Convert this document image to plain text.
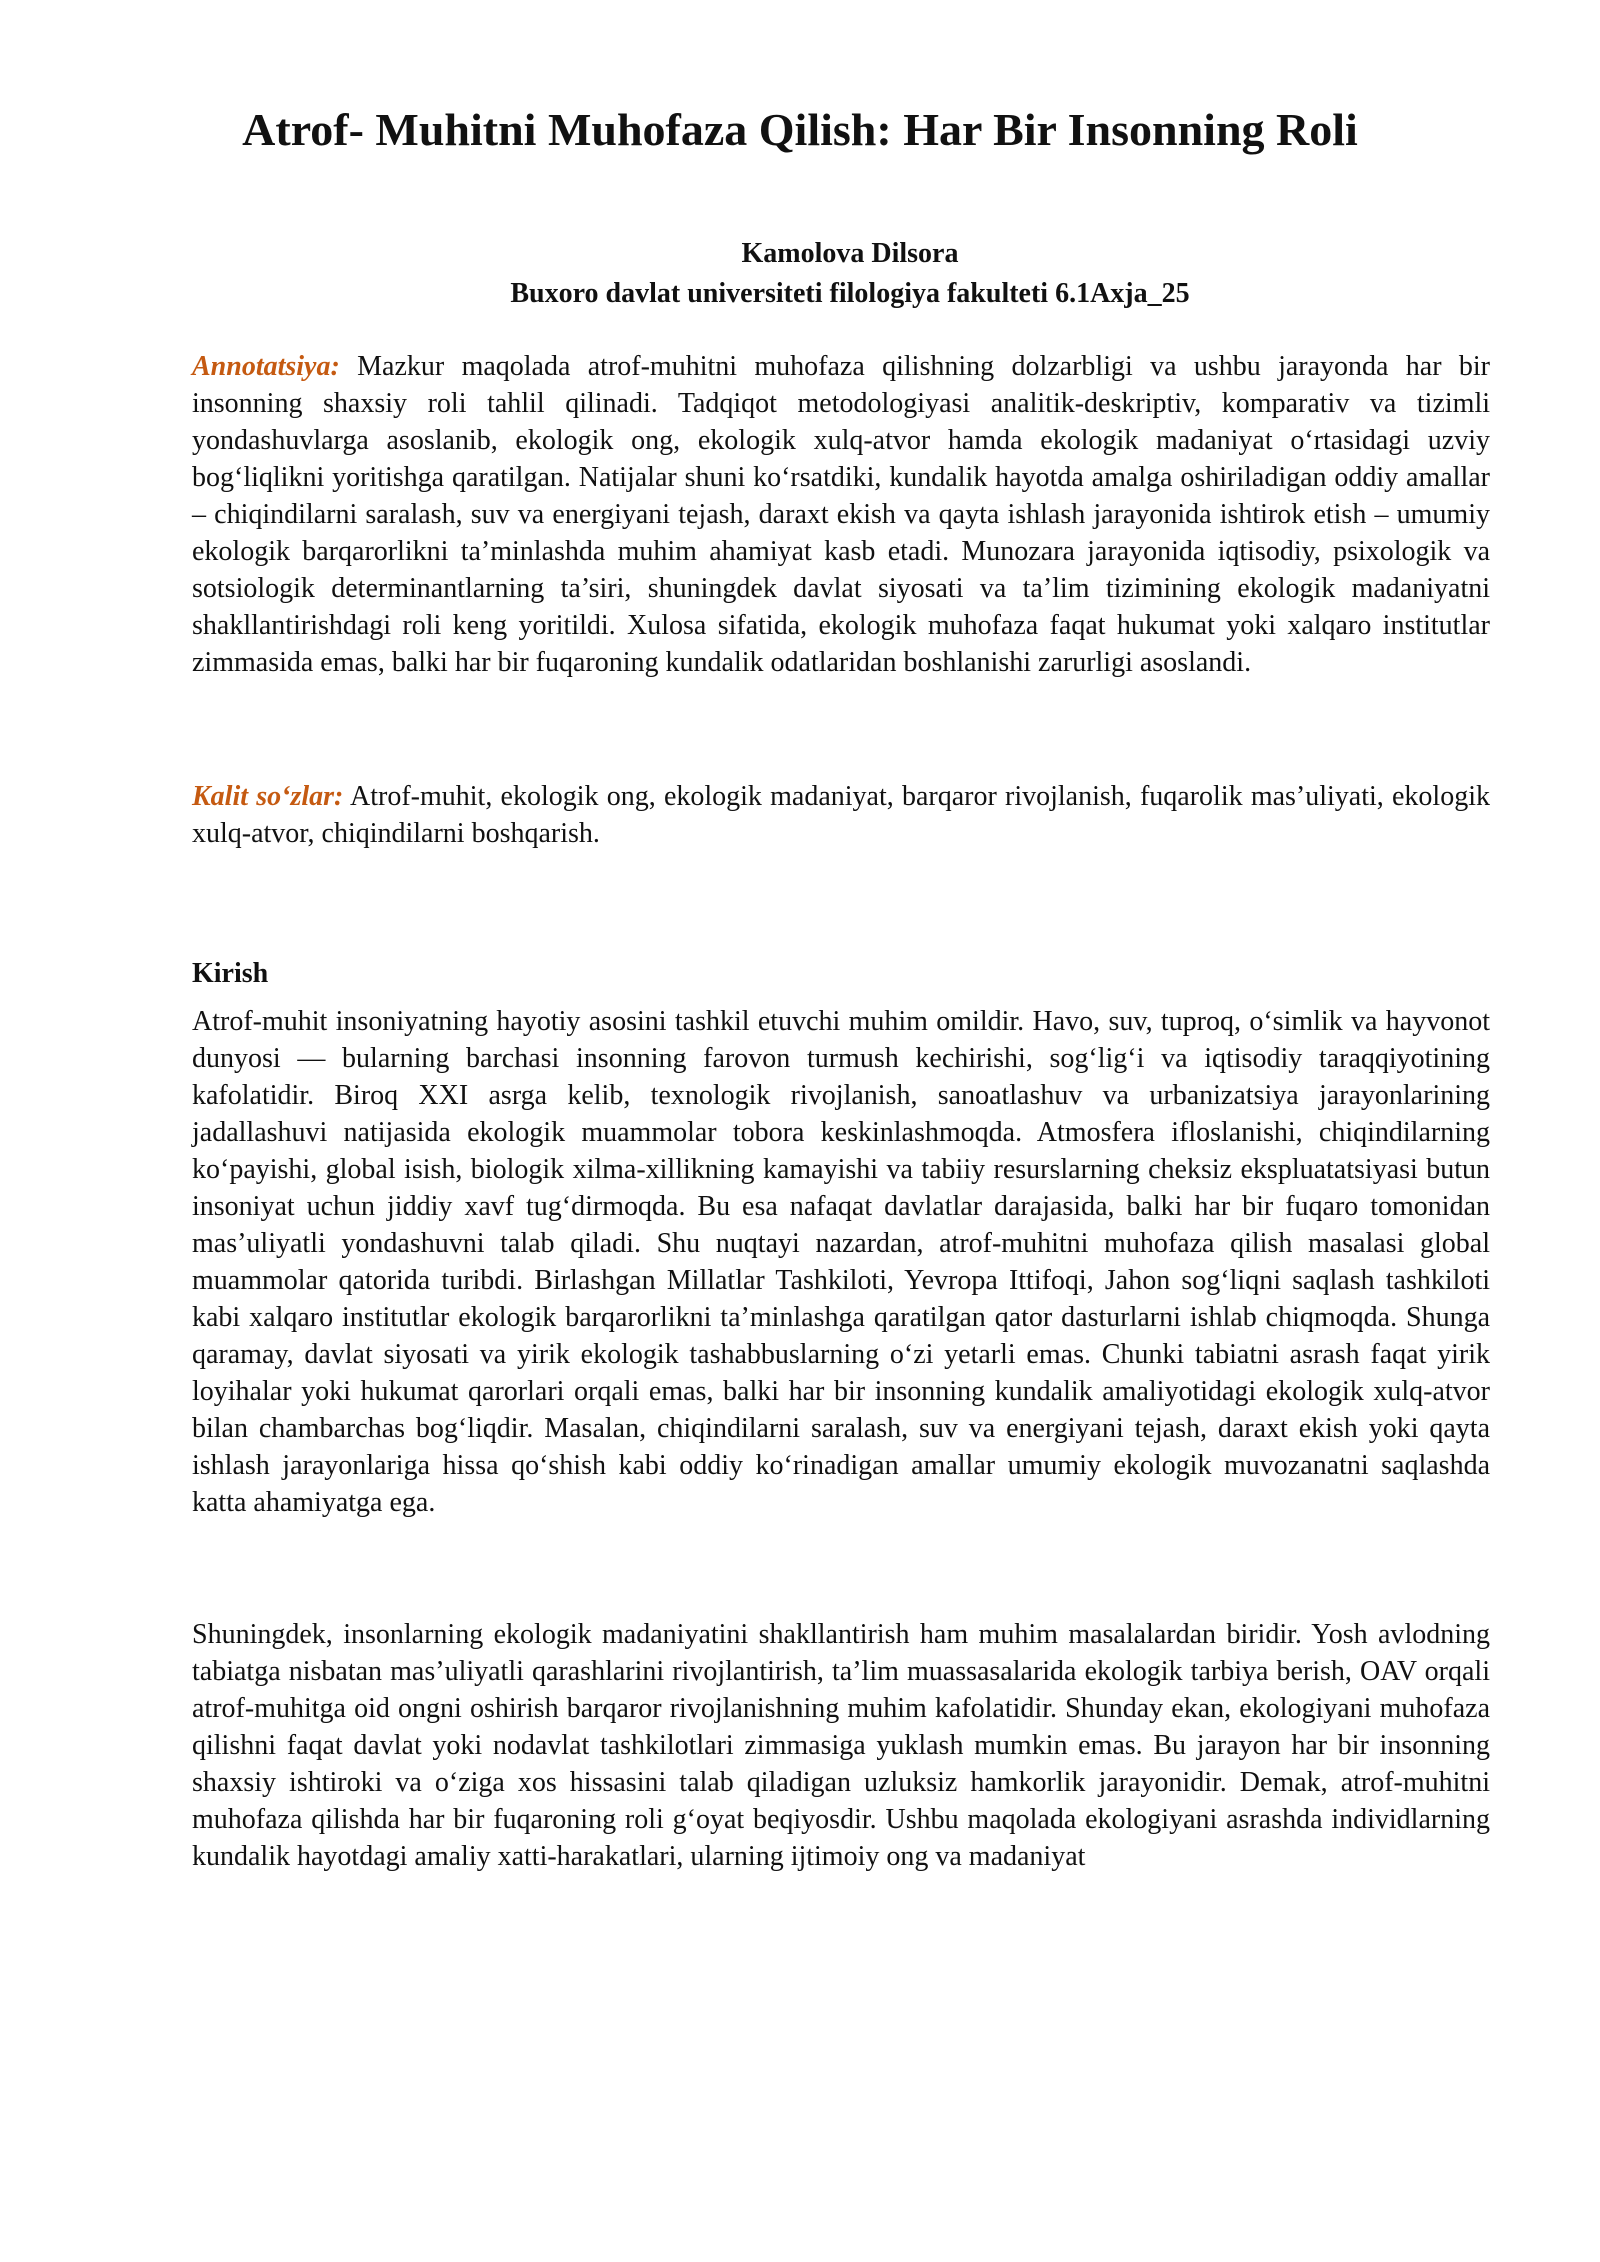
Atrof- Muhitni Muhofaza Qilish: Har Bir Insonning Roli
Kamolova Dilsora
Buxoro davlat universiteti filologiya fakulteti 6.1Axja_25

Annotatsiya: Mazkur maqolada atrof-muhitni muhofaza qilishning dolzarbligi va ushbu jarayonda har bir insonning shaxsiy roli tahlil qilinadi. Tadqiqot metodologiyasi analitik-deskriptiv, komparativ va tizimli yondashuvlarga asoslanib, ekologik ong, ekologik xulq-atvor hamda ekologik madaniyat o‘rtasidagi uzviy bog‘liqlikni yoritishga qaratilgan. Natijalar shuni ko‘rsatdiki, kundalik hayotda amalga oshiriladigan oddiy amallar – chiqindilarni saralash, suv va energiyani tejash, daraxt ekish va qayta ishlash jarayonida ishtirok etish – umumiy ekologik barqarorlikni ta’minlashda muhim ahamiyat kasb etadi. Munozara jarayonida iqtisodiy, psixologik va sotsiologik determinantlarning ta’siri, shuningdek davlat siyosati va ta’lim tizimining ekologik madaniyatni shakllantirishdagi roli keng yoritildi. Xulosa sifatida, ekologik muhofaza faqat hukumat yoki xalqaro institutlar zimmasida emas, balki har bir fuqaroning kundalik odatlaridan boshlanishi zarurligi asoslandi.

Kalit so‘zlar: Atrof-muhit, ekologik ong, ekologik madaniyat, barqaror rivojlanish, fuqarolik mas’uliyati, ekologik xulq-atvor, chiqindilarni boshqarish.

Kirish

Atrof-muhit insoniyatning hayotiy asosini tashkil etuvchi muhim omildir. Havo, suv, tuproq, o‘simlik va hayvonot dunyosi — bularning barchasi insonning farovon turmush kechirishi, sog‘lig‘i va iqtisodiy taraqqiyotining kafolatidir. Biroq XXI asrga kelib, texnologik rivojlanish, sanoatlashuv va urbanizatsiya jarayonlarining jadallashuvi natijasida ekologik muammolar tobora keskinlashmoqda. Atmosfera ifloslanishi, chiqindilarning ko‘payishi, global isish, biologik xilma-xillikning kamayishi va tabiiy resurslarning cheksiz ekspluatatsiyasi butun insoniyat uchun jiddiy xavf tug‘dirmoqda. Bu esa nafaqat davlatlar darajasida, balki har bir fuqaro tomonidan mas’uliyatli yondashuvni talab qiladi. Shu nuqtayi nazardan, atrof-muhitni muhofaza qilish masalasi global muammolar qatorida turibdi. Birlashgan Millatlar Tashkiloti, Yevropa Ittifoqi, Jahon sog‘liqni saqlash tashkiloti kabi xalqaro institutlar ekologik barqarorlikni ta’minlashga qaratilgan qator dasturlarni ishlab chiqmoqda. Shunga qaramay, davlat siyosati va yirik ekologik tashabbuslarning o‘zi yetarli emas. Chunki tabiatni asrash faqat yirik loyihalar yoki hukumat qarorlari orqali emas, balki har bir insonning kundalik amaliyotidagi ekologik xulq-atvor bilan chambarchas bog‘liqdir. Masalan, chiqindilarni saralash, suv va energiyani tejash, daraxt ekish yoki qayta ishlash jarayonlariga hissa qo‘shish kabi oddiy ko‘rinadigan amallar umumiy ekologik muvozanatni saqlashda katta ahamiyatga ega.

Shuningdek, insonlarning ekologik madaniyatini shakllantirish ham muhim masalalardan biridir. Yosh avlodning tabiatga nisbatan mas’uliyatli qarashlarini rivojlantirish, ta’lim muassasalarida ekologik tarbiya berish, OAV orqali atrof-muhitga oid ongni oshirish barqaror rivojlanishning muhim kafolatidir. Shunday ekan, ekologiyani muhofaza qilishni faqat davlat yoki nodavlat tashkilotlari zimmasiga yuklash mumkin emas. Bu jarayon har bir insonning shaxsiy ishtiroki va o‘ziga xos hissasini talab qiladigan uzluksiz hamkorlik jarayonidir. Demak, atrof-muhitni muhofaza qilishda har bir fuqaroning roli g‘oyat beqiyosdir. Ushbu maqolada ekologiyani asrashda individlarning kundalik hayotdagi amaliy xatti-harakatlari, ularning ijtimoiy ong va madaniyat
